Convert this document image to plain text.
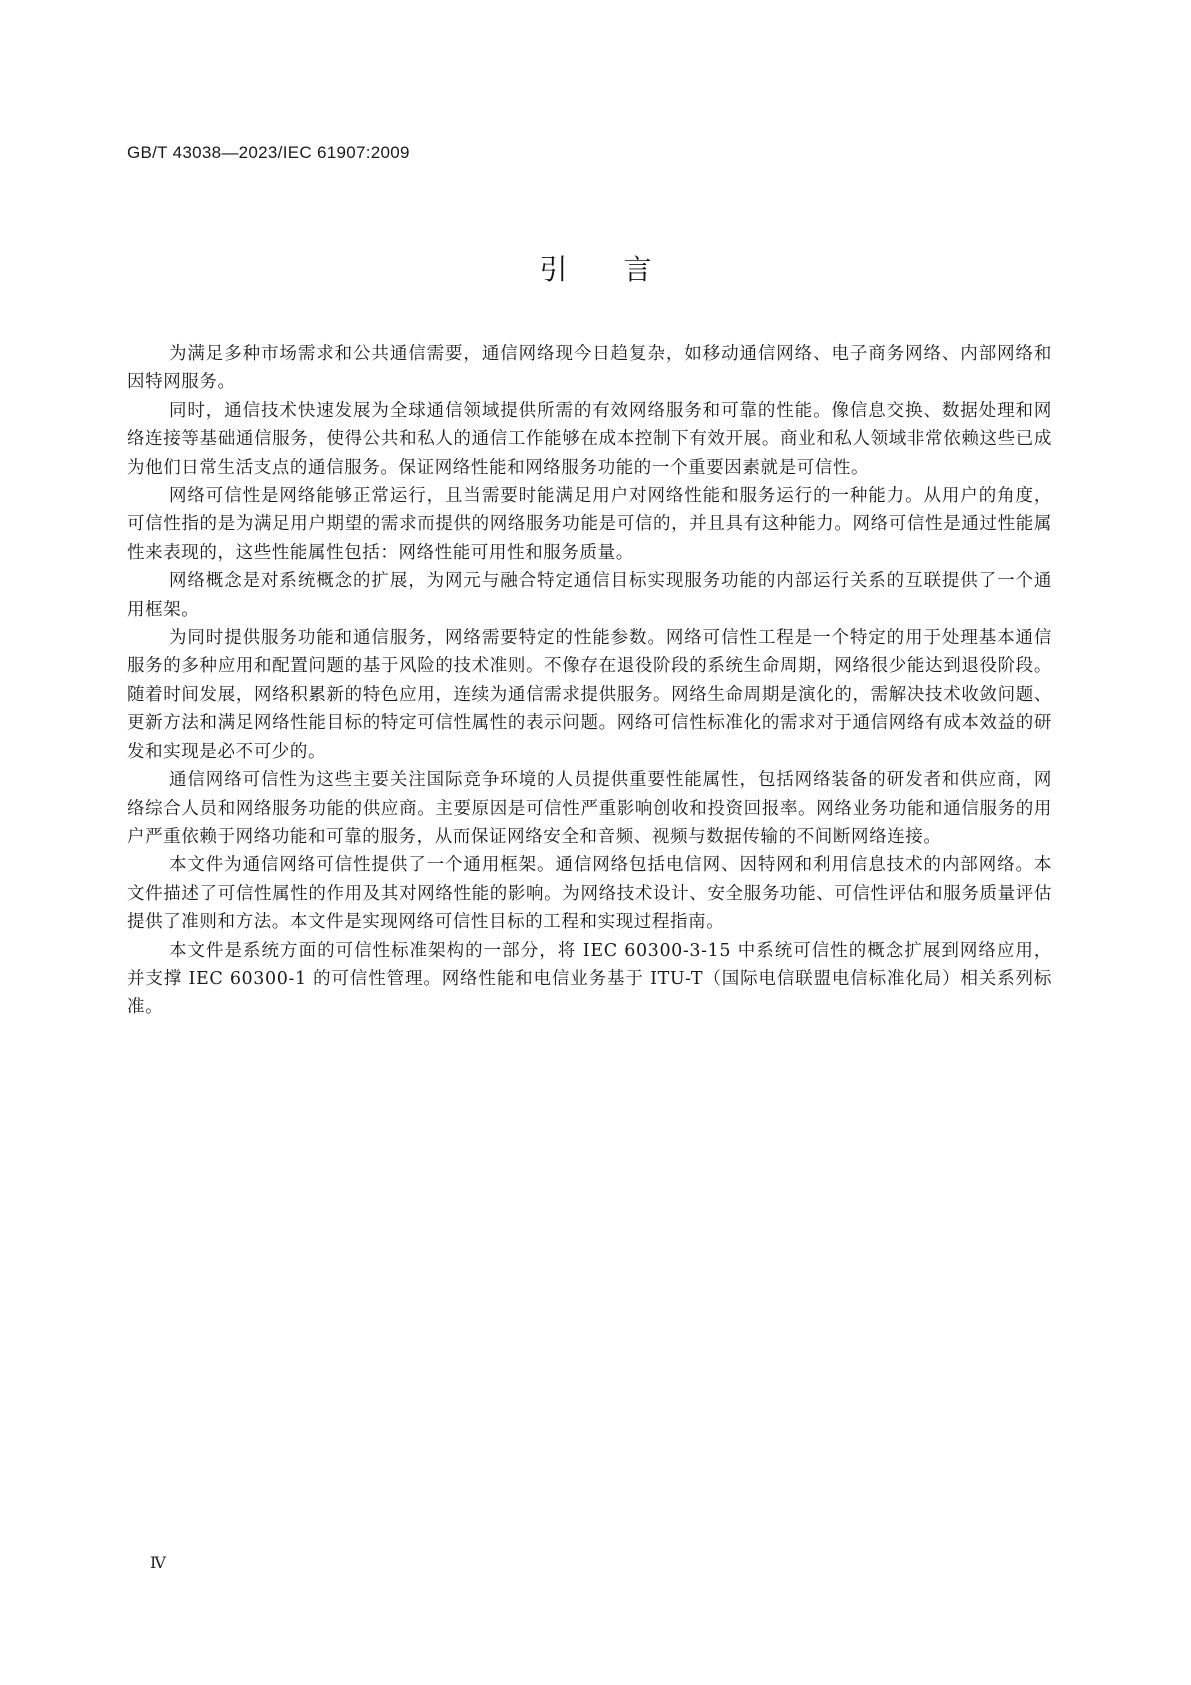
GB/T 43038—2023/IEC 61907:2009
引言

为满足多种市场需求和公共通信需要，通信网络现今日趋复杂，如移动通信网络、电子商务网络、内部网络和因特网服务。

同时，通信技术快速发展为全球通信领域提供所需的有效网络服务和可靠的性能。像信息交换、数据处理和网络连接等基础通信服务，使得公共和私人的通信工作能够在成本控制下有效开展。商业和私人领域非常依赖这些已成为他们日常生活支点的通信服务。保证网络性能和网络服务功能的一个重要因素就是可信性。

网络可信性是网络能够正常运行，且当需要时能满足用户对网络性能和服务运行的一种能力。从用户的角度，可信性指的是为满足用户期望的需求而提供的网络服务功能是可信的，并且具有这种能力。网络可信性是通过性能属性来表现的，这些性能属性包括：网络性能可用性和服务质量。

网络概念是对系统概念的扩展，为网元与融合特定通信目标实现服务功能的内部运行关系的互联提供了一个通用框架。

为同时提供服务功能和通信服务，网络需要特定的性能参数。网络可信性工程是一个特定的用于处理基本通信服务的多种应用和配置问题的基于风险的技术准则。不像存在退役阶段的系统生命周期，网络很少能达到退役阶段。随着时间发展，网络积累新的特色应用，连续为通信需求提供服务。网络生命周期是演化的，需解决技术收敛问题、更新方法和满足网络性能目标的特定可信性属性的表示问题。网络可信性标准化的需求对于通信网络有成本效益的研发和实现是必不可少的。

通信网络可信性为这些主要关注国际竞争环境的人员提供重要性能属性，包括网络装备的研发者和供应商，网络综合人员和网络服务功能的供应商。主要原因是可信性严重影响创收和投资回报率。网络业务功能和通信服务的用户严重依赖于网络功能和可靠的服务，从而保证网络安全和音频、视频与数据传输的不间断网络连接。

本文件为通信网络可信性提供了一个通用框架。通信网络包括电信网、因特网和利用信息技术的内部网络。本文件描述了可信性属性的作用及其对网络性能的影响。为网络技术设计、安全服务功能、可信性评估和服务质量评估提供了准则和方法。本文件是实现网络可信性目标的工程和实现过程指南。

本文件是系统方面的可信性标准架构的一部分，将 IEC 60300-3-15 中系统可信性的概念扩展到网络应用，并支撑 IEC 60300-1 的可信性管理。网络性能和电信业务基于 ITU-T（国际电信联盟电信标准化局）相关系列标准。

Ⅳ
